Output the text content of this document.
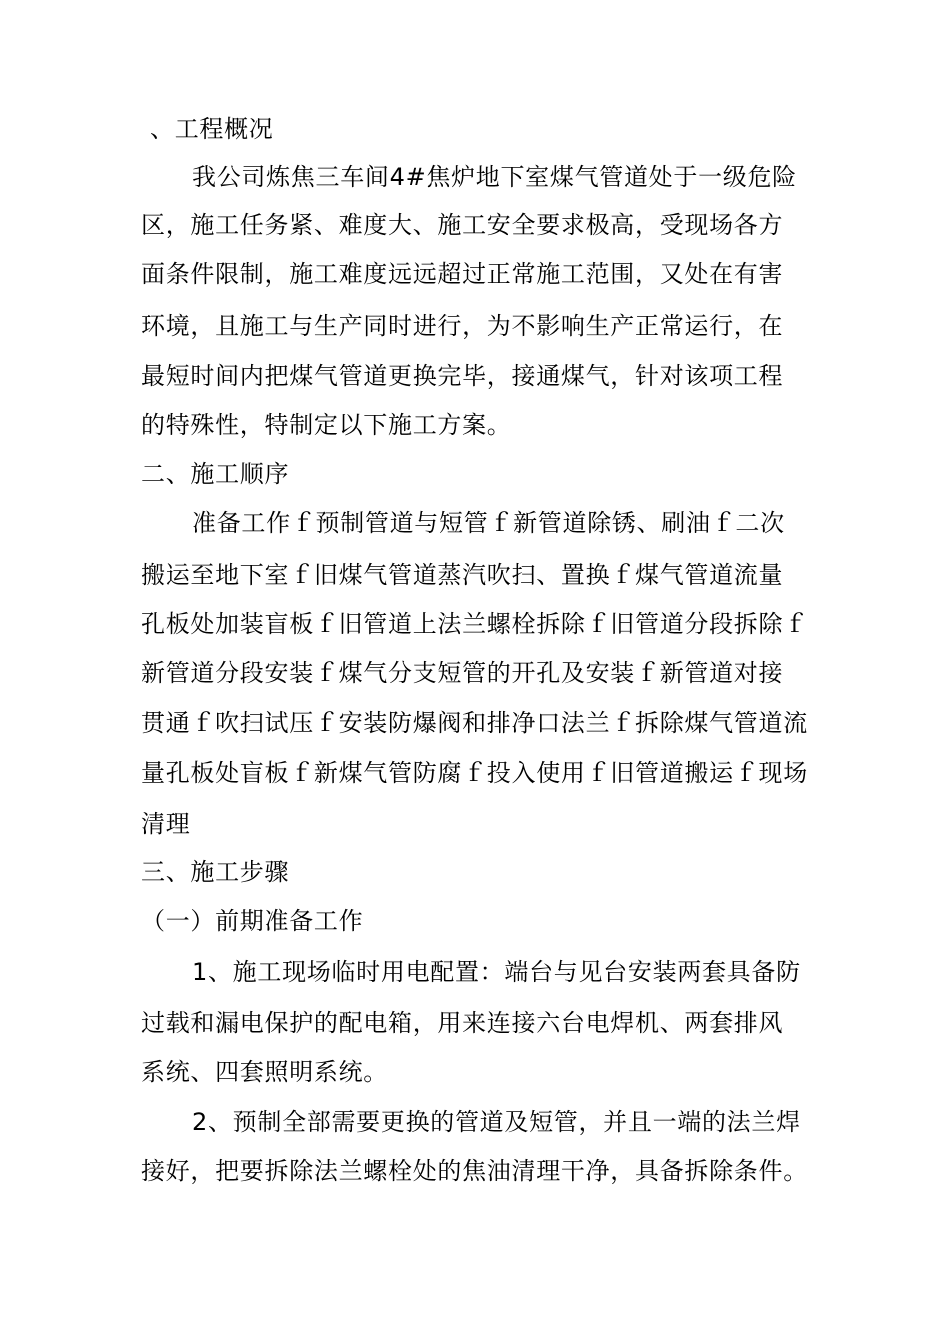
、工程概况
我公司炼焦三车间4#焦炉地下室煤气管道处于一级危险
区，施工任务紧、难度大、施工安全要求极高，受现场各方
面条件限制，施工难度远远超过正常施工范围，又处在有害
环境，且施工与生产同时进行，为不影响生产正常运行，在
最短时间内把煤气管道更换完毕，接通煤气，针对该项工程
的特殊性，特制定以下施工方案。
二、施工顺序
准备工作ｆ预制管道与短管ｆ新管道除锈、刷油ｆ二次
搬运至地下室ｆ旧煤气管道蒸汽吹扫、置换ｆ煤气管道流量
孔板处加装盲板ｆ旧管道上法兰螺栓拆除ｆ旧管道分段拆除ｆ
新管道分段安装ｆ煤气分支短管的开孔及安装ｆ新管道对接
贯通ｆ吹扫试压ｆ安装防爆阀和排净口法兰ｆ拆除煤气管道流
量孔板处盲板ｆ新煤气管防腐ｆ投入使用ｆ旧管道搬运ｆ现场
清理
三、施工步骤
（一）前期准备工作
1、施工现场临时用电配置：端台与见台安装两套具备防
过载和漏电保护的配电箱，用来连接六台电焊机、两套排风
系统、四套照明系统。
2、预制全部需要更换的管道及短管，并且一端的法兰焊
接好，把要拆除法兰螺栓处的焦油清理干净，具备拆除条件。
